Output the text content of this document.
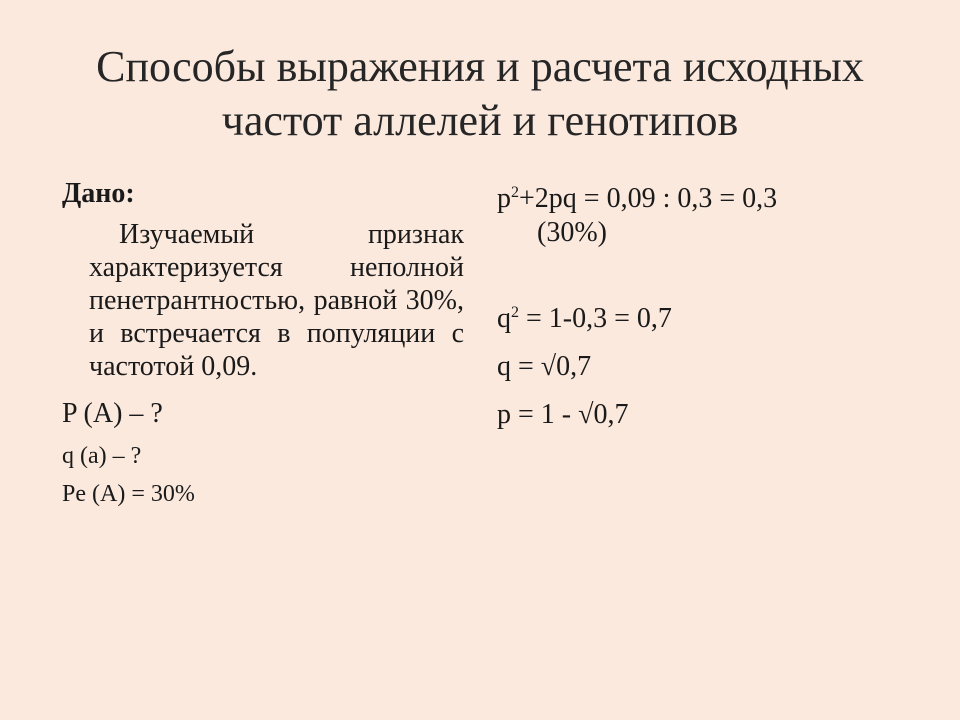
Способы выражения и расчета исходных
частот аллелей и генотипов
Дано:
Изучаемый признак характеризуется неполной пенетрантностью, равной 30%, и встречается в популяции с частотой 0,09.
P (A) – ?
q (a) – ?
Pe (A) = 30%
$p^2+2pq = 0,09$ : 0,3 = 0,3
(30%)
$q^2 = 1-0,3 = 0,7$
q = √0,7
p = 1 - √0,7
